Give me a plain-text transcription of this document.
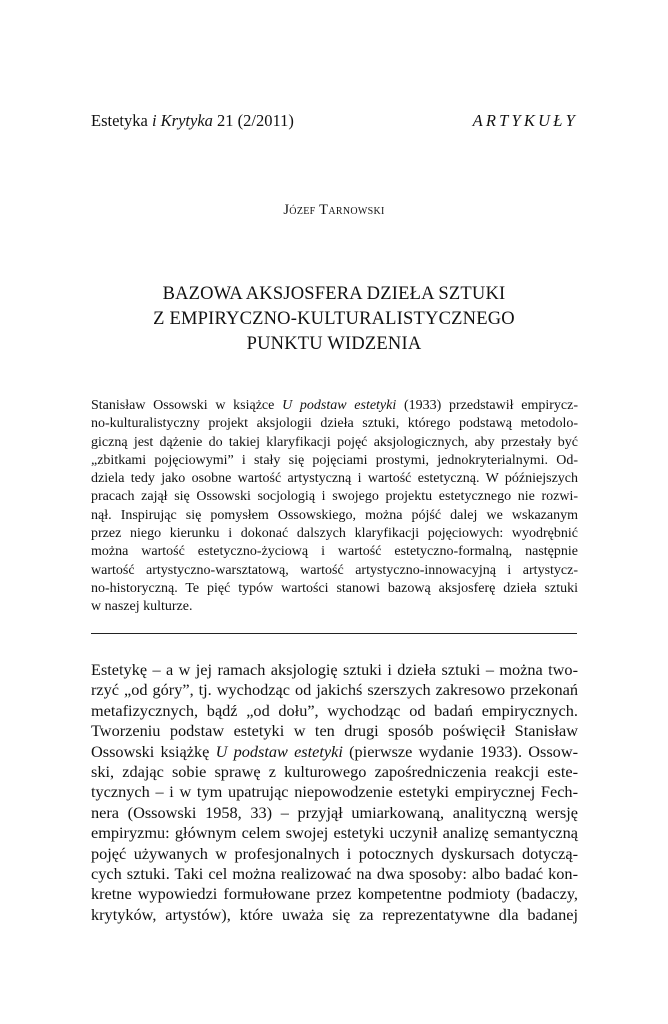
Estetyka i Krytyka 21 (2/2011)	ARTYKUŁY
Józef Tarnowski
BAZOWA AKSJOSFERA DZIEŁA SZTUKI
Z EMPIRYCZNO-KULTURALISTYCZNEGO
PUNKTU WIDZENIA
Stanisław Ossowski w książce U podstaw estetyki (1933) przedstawił empirycz-
no-kulturalistyczny projekt aksjologii dzieła sztuki, którego podstawą metodolo-
giczną jest dążenie do takiej klaryfikacji pojęć aksjologicznych, aby przestały być
„zbitkami pojęciowymi” i stały się pojęciami prostymi, jednokryterialnymi. Od-
dziela tedy jako osobne wartość artystyczną i wartość estetyczną. W późniejszych
pracach zajął się Ossowski socjologią i swojego projektu estetycznego nie rozwi-
nął. Inspirując się pomysłem Ossowskiego, można pójść dalej we wskazanym
przez niego kierunku i dokonać dalszych klaryfikacji pojęciowych: wyodrębnić
można wartość estetyczno-życiową i wartość estetyczno-formalną, następnie
wartość artystyczno-warsztatową, wartość artystyczno-innowacyjną i artystycz-
no-historyczną. Te pięć typów wartości stanowi bazową aksjosferę dzieła sztuki
w naszej kulturze.
Estetykę – a w jej ramach aksjologię sztuki i dzieła sztuki – można two-
rzyć „od góry”, tj. wychodząc od jakichś szerszych zakresowo przekonań
metafizycznych, bądź „od dołu”, wychodząc od badań empirycznych.
Tworzeniu podstaw estetyki w ten drugi sposób poświęcił Stanisław
Ossowski książkę U podstaw estetyki (pierwsze wydanie 1933). Ossow-
ski, zdając sobie sprawę z kulturowego zapośredniczenia reakcji este-
tycznych – i w tym upatrując niepowodzenie estetyki empirycznej Fech-
nera (Ossowski 1958, 33) – przyjął umiarkowaną, analityczną wersję
empiryzmu: głównym celem swojej estetyki uczynił analizę semantyczną
pojęć używanych w profesjonalnych i potocznych dyskursach dotyczą-
cych sztuki. Taki cel można realizować na dwa sposoby: albo badać kon-
kretne wypowiedzi formułowane przez kompetentne podmioty (badaczy,
krytyków, artystów), które uważa się za reprezentatywne dla badanej
